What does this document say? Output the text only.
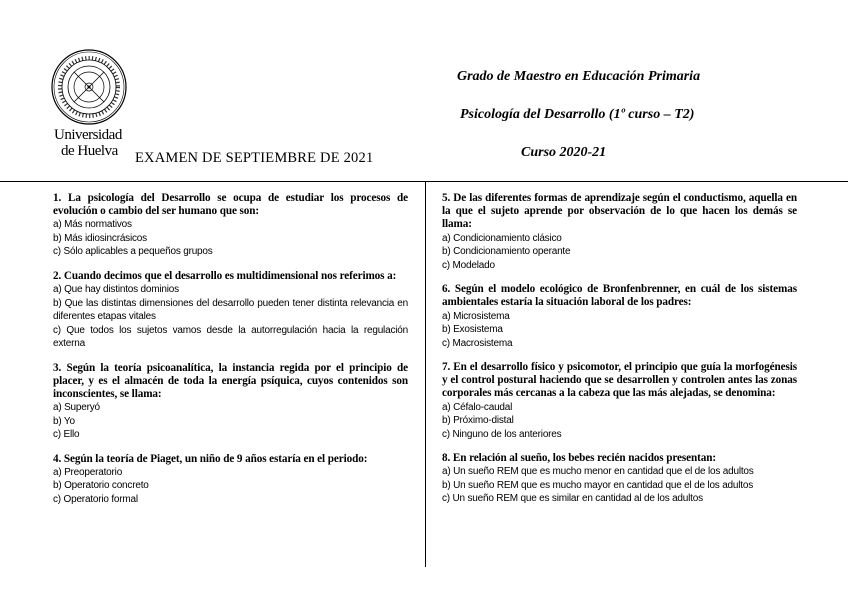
Universidad
de Huelva EXAMEN DE SEPTIEMBRE DE 2021
Grado de Maestro en Educación Primaria
Psicología del Desarrollo (1º curso – T2)
Curso 2020-21
1. La psicología del Desarrollo se ocupa de estudiar los procesos de evolución o cambio del ser humano que son:
a) Más normativos
b) Más idiosincrásicos
c) Sólo aplicables a pequeños grupos
2. Cuando decimos que el desarrollo es multidimensional nos referimos a:
a) Que hay distintos dominios
b) Que las distintas dimensiones del desarrollo pueden tener distinta relevancia en diferentes etapas vitales
c) Que todos los sujetos vamos desde la autorregulación hacia la regulación externa
3. Según la teoría psicoanalítica, la instancia regida por el principio de placer, y es el almacén de toda la energía psíquica, cuyos contenidos son inconscientes, se llama:
a) Superyó
b) Yo
c) Ello
4. Según la teoría de Piaget, un niño de 9 años estaría en el periodo:
a) Preoperatorio
b) Operatorio concreto
c) Operatorio formal
5. De las diferentes formas de aprendizaje según el conductismo, aquella en la que el sujeto aprende por observación de lo que hacen los demás se llama:
a) Condicionamiento clásico
b) Condicionamiento operante
c) Modelado
6. Según el modelo ecológico de Bronfenbrenner, en cuál de los sistemas ambientales estaría la situación laboral de los padres:
a) Microsistema
b) Exosistema
c) Macrosistema
7. En el desarrollo físico y psicomotor, el principio que guía la morfogénesis y el control postural haciendo que se desarrollen y controlen antes las zonas corporales más cercanas a la cabeza que las más alejadas, se denomina:
a) Céfalo-caudal
b) Próximo-distal
c) Ninguno de los anteriores
8. En relación al sueño, los bebes recién nacidos presentan:
a) Un sueño REM que es mucho menor en cantidad que el de los adultos
b) Un sueño REM que es mucho mayor en cantidad que el de los adultos
c) Un sueño REM que es similar en cantidad al de los adultos
